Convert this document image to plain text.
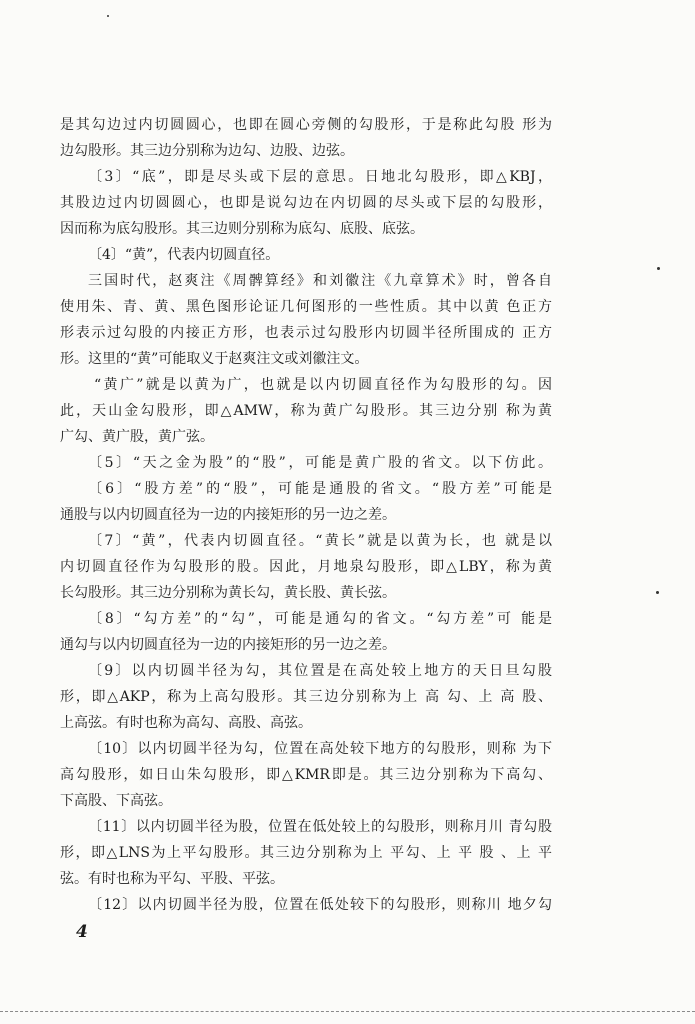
是其勾边过内切圆圆心，也即在圆心旁侧的勾股形，于是称此勾股 形为
边勾股形。其三边分别称为边勾、边股、边弦。
〔3〕“底”，即是尽头或下层的意思。日地北勾股形，即△KBJ，
其股边过内切圆圆心，也即是说勾边在内切圆的尽头或下层的勾股形，
因而称为底勾股形。其三边则分别称为底勾、底股、底弦。
〔4〕“黄”，代表内切圆直径。
三国时代，赵爽注《周髀算经》和刘徽注《九章算术》时，曾各自
使用朱、青、黄、黑色图形论证几何图形的一些性质。其中以黄 色正方
形表示过勾股的内接正方形，也表示过勾股形内切圆半径所围成的 正方
形。这里的“黄”可能取义于赵爽注文或刘徽注文。
“黄广”就是以黄为广，也就是以内切圆直径作为勾股形的勾。因
此，天山金勾股形，即△AMW，称为黄广勾股形。其三边分别 称为黄
广勾、黄广股，黄广弦。
〔5〕“天之金为股”的“股”，可能是黄广股的省文。以下仿此。
〔6〕“股方差”的“股”，可能是通股的省文。“股方差”可能是
通股与以内切圆直径为一边的内接矩形的另一边之差。
〔7〕“黄”，代表内切圆直径。“黄长”就是以黄为长，也 就是以
内切圆直径作为勾股形的股。因此，月地泉勾股形，即△LBY，称为黄
长勾股形。其三边分别称为黄长勾，黄长股、黄长弦。
〔8〕“勾方差”的“勾”，可能是通勾的省文。“勾方差”可 能是
通勾与以内切圆直径为一边的内接矩形的另一边之差。
〔9〕以内切圆半径为勾，其位置是在高处较上地方的天日旦勾股
形，即△AKP，称为上高勾股形。其三边分别称为上 高 勾、上 高 股、
上高弦。有时也称为高勾、高股、高弦。
〔10〕以内切圆半径为勾，位置在高处较下地方的勾股形，则称 为下
高勾股形，如日山朱勾股形，即△KMR即是。其三边分别称为下高勾、
下高股、下高弦。
〔11〕以内切圆半径为股，位置在低处较上的勾股形，则称月川 青勾股
形，即△LNS为上平勾股形。其三边分别称为上 平勾、上 平 股 、上 平
弦。有时也称为平勾、平股、平弦。
〔12〕以内切圆半径为股，位置在低处较下的勾股形，则称川 地夕勾
4
